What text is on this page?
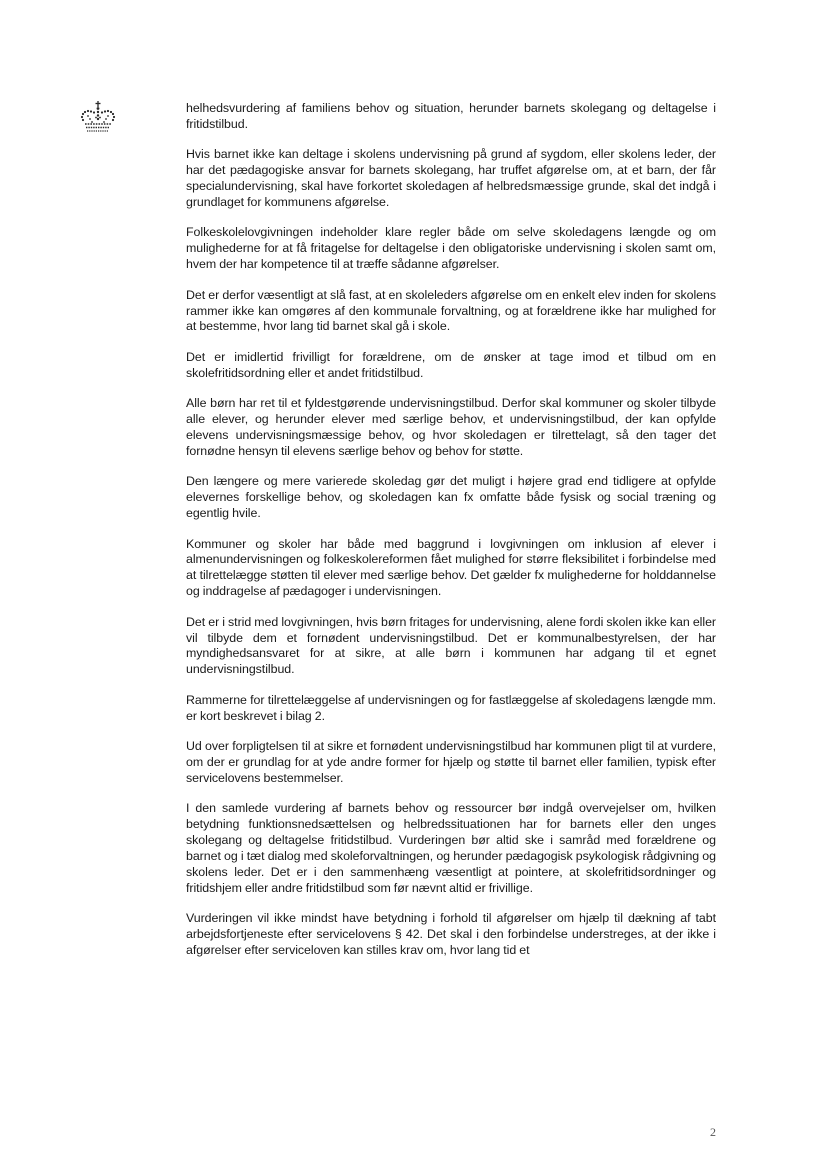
helhedsvurdering af familiens behov og situation, herunder barnets skolegang og deltagelse i fritidstilbud.

Hvis barnet ikke kan deltage i skolens undervisning på grund af sygdom, eller skolens leder, der har det pædagogiske ansvar for barnets skolegang, har truffet afgørelse om, at et barn, der får specialundervisning, skal have forkortet skoledagen af helbredsmæssige grunde, skal det indgå i grundlaget for kommunens afgørelse.

Folkeskolelovgivningen indeholder klare regler både om selve skoledagens længde og om mulighederne for at få fritagelse for deltagelse i den obligatoriske undervisning i skolen samt om, hvem der har kompetence til at træffe sådanne afgørelser.

Det er derfor væsentligt at slå fast, at en skoleleders afgørelse om en enkelt elev inden for skolens rammer ikke kan omgøres af den kommunale forvaltning, og at forældrene ikke har mulighed for at bestemme, hvor lang tid barnet skal gå i skole.

Det er imidlertid frivilligt for forældrene, om de ønsker at tage imod et tilbud om en skolefritidsordning eller et andet fritidstilbud.

Alle børn har ret til et fyldestgørende undervisningstilbud. Derfor skal kommuner og skoler tilbyde alle elever, og herunder elever med særlige behov, et undervisningstilbud, der kan opfylde elevens undervisningsmæssige behov, og hvor skoledagen er tilrettelagt, så den tager det fornødne hensyn til elevens særlige behov og behov for støtte.

Den længere og mere varierede skoledag gør det muligt i højere grad end tidligere at opfylde elevernes forskellige behov, og skoledagen kan fx omfatte både fysisk og social træning og egentlig hvile.

Kommuner og skoler har både med baggrund i lovgivningen om inklusion af elever i almenundervisningen og folkeskolereformen fået mulighed for større fleksibilitet i forbindelse med at tilrettelægge støtten til elever med særlige behov. Det gælder fx mulighederne for holddannelse og inddragelse af pædagoger i undervisningen.

Det er i strid med lovgivningen, hvis børn fritages for undervisning, alene fordi skolen ikke kan eller vil tilbyde dem et fornødent undervisningstilbud. Det er kommunalbestyrelsen, der har myndighedsansvaret for at sikre, at alle børn i kommunen har adgang til et egnet undervisningstilbud.

Rammerne for tilrettelæggelse af undervisningen og for fastlæggelse af skoledagens længde mm. er kort beskrevet i bilag 2.

Ud over forpligtelsen til at sikre et fornødent undervisningstilbud har kommunen pligt til at vurdere, om der er grundlag for at yde andre former for hjælp og støtte til barnet eller familien, typisk efter servicelovens bestemmelser.

I den samlede vurdering af barnets behov og ressourcer bør indgå overvejelser om, hvilken betydning funktionsnedsættelsen og helbredssituationen har for barnets eller den unges skolegang og deltagelse fritidstilbud. Vurderingen bør altid ske i samråd med forældrene og barnet og i tæt dialog med skoleforvaltningen, og herunder pædagogisk psykologisk rådgivning og skolens leder. Det er i den sammenhæng væsentligt at pointere, at skolefritidsordninger og fritidshjem eller andre fritidstilbud som før nævnt altid er frivillige.

Vurderingen vil ikke mindst have betydning i forhold til afgørelser om hjælp til dækning af tabt arbejdsfortjeneste efter servicelovens § 42. Det skal i den forbindelse understreges, at der ikke i afgørelser efter serviceloven kan stilles krav om, hvor lang tid et

2
